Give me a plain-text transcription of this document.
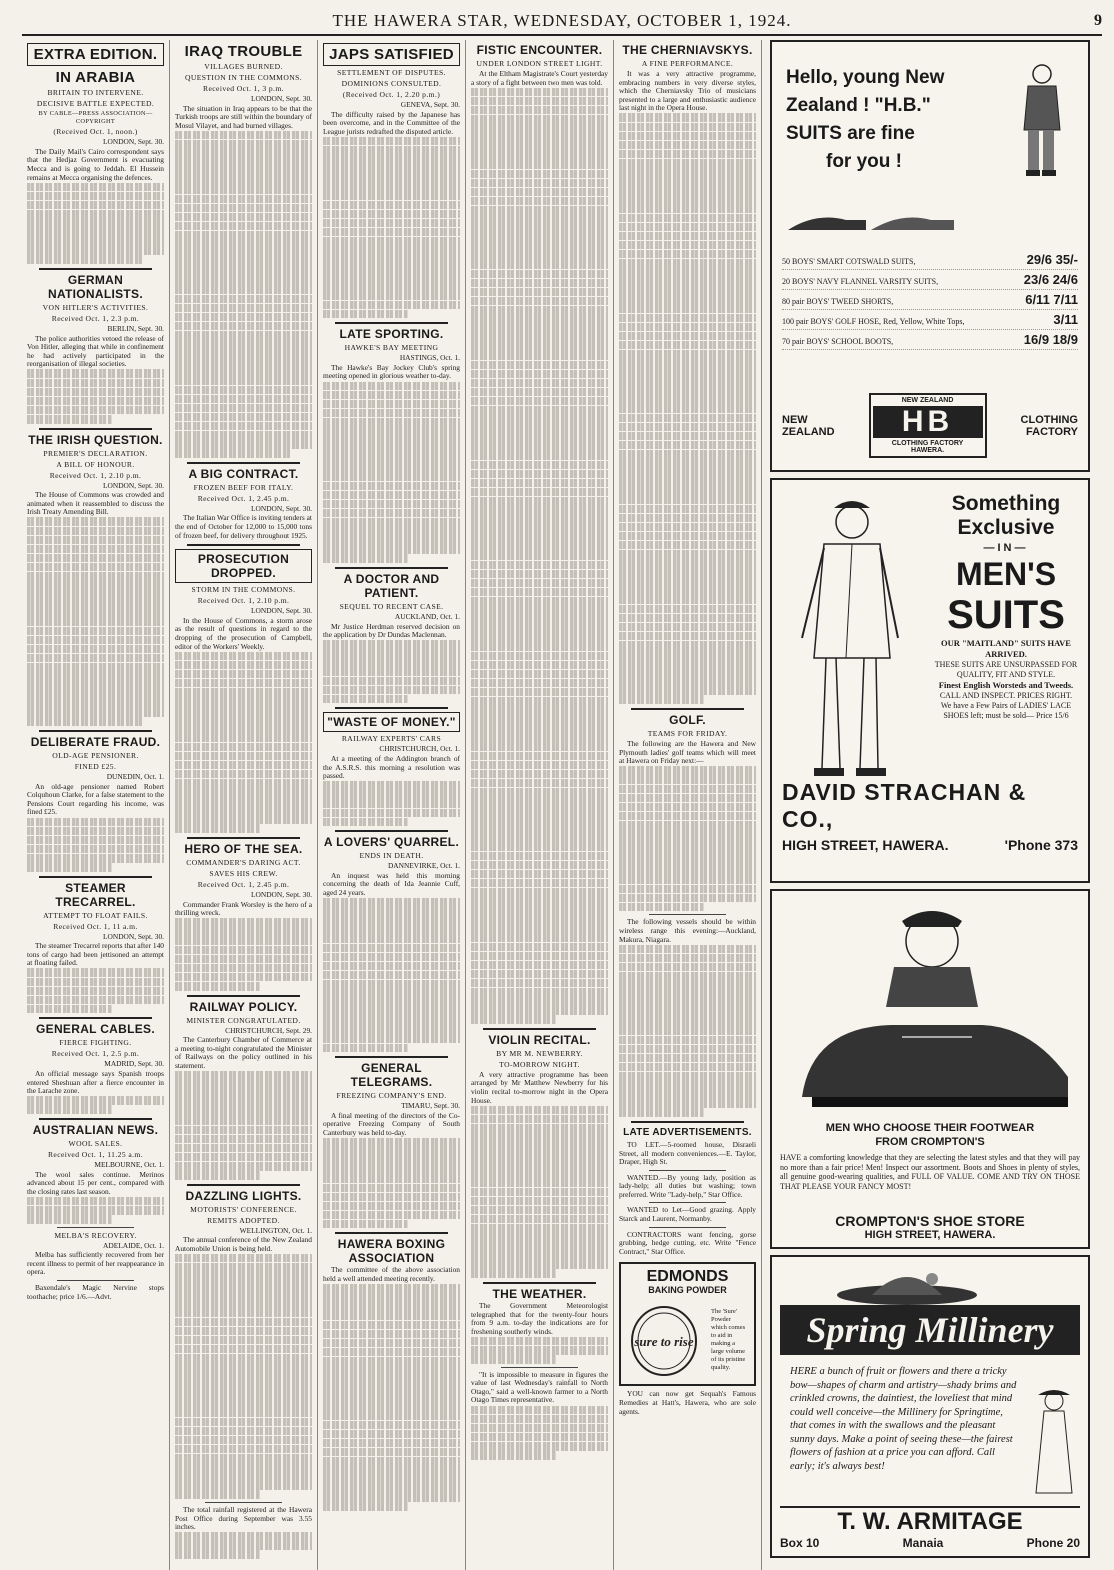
THE HAWERA STAR, WEDNESDAY, OCTOBER 1, 1924.	9
EXTRA EDITION.
IN ARABIA
BRITAIN TO INTERVENE.
DECISIVE BATTLE EXPECTED.
BY CABLE—PRESS ASSOCIATION—COPYRIGHT
(Received Oct. 1, noon.)
LONDON, Sept. 30.

The Daily Mail's Cairo correspondent says that the Hedjaz Government is evacuating Mecca and is going to Jeddah. El Hussein remains at Mecca organising the defences.

GERMAN NATIONALISTS.
VON HITLER'S ACTIVITIES.
Received Oct. 1, 2.3 p.m.
BERLIN, Sept. 30.

The police authorities vetoed the release of Von Hitler, alleging that while in confinement he had actively participated in the reorganisation of illegal societies.

THE IRISH QUESTION.
PREMIER'S DECLARATION.
A BILL OF HONOUR.
Received Oct. 1, 2.10 p.m.
LONDON, Sept. 30.

The House of Commons was crowded and animated when it reassembled to discuss the Irish Treaty Amending Bill.

DELIBERATE FRAUD.
OLD-AGE PENSIONER.
FINED £25.
DUNEDIN, Oct. 1.

An old-age pensioner named Robert Colquhoun Clarke, for a false statement to the Pensions Court regarding his income, was fined £25.

STEAMER TRECARREL.
ATTEMPT TO FLOAT FAILS.
Received Oct. 1, 11 a.m.
LONDON, Sept. 30.

The steamer Trecarrel reports that after 140 tons of cargo had been jettisoned an attempt at floating failed.

GENERAL CABLES.
FIERCE FIGHTING.
Received Oct. 1, 2.5 p.m.
MADRID, Sept. 30.

An official message says Spanish troops entered Sheshuan after a fierce encounter in the Larache zone.

AUSTRALIAN NEWS.
WOOL SALES.
Received Oct. 1, 11.25 a.m.
MELBOURNE, Oct. 1.

The wool sales continue. Merinos advanced about 15 per cent., compared with the closing rates last season.

MELBA'S RECOVERY.
ADELAIDE, Oct. 1.

Melba has sufficiently recovered from her recent illness to permit of her reappearance in opera.

Baxendale's Magic Nervine stops toothache; price 1/6.—Advt.

IRAQ TROUBLE
VILLAGES BURNED.
QUESTION IN THE COMMONS.
Received Oct. 1, 3 p.m.
LONDON, Sept. 30.

The situation in Iraq appears to be that the Turkish troops are still within the boundary of Mosul Vilayet, and had burned villages.

A BIG CONTRACT.
FROZEN BEEF FOR ITALY.
Received Oct. 1, 2.45 p.m.
LONDON, Sept. 30.

The Italian War Office is inviting tenders at the end of October for 12,000 to 15,000 tons of frozen beef, for delivery throughout 1925.

PROSECUTION DROPPED.
STORM IN THE COMMONS.
Received Oct. 1, 2.10 p.m.
LONDON, Sept. 30.

In the House of Commons, a storm arose as the result of questions in regard to the dropping of the prosecution of Campbell, editor of the Workers' Weekly.

HERO OF THE SEA.
COMMANDER'S DARING ACT.
SAVES HIS CREW.
Received Oct. 1, 2.45 p.m.
LONDON, Sept. 30.

Commander Frank Worsley is the hero of a thrilling wreck.

RAILWAY POLICY.
MINISTER CONGRATULATED.
CHRISTCHURCH, Sept. 29.

The Canterbury Chamber of Commerce at a meeting to-night congratulated the Minister of Railways on the policy outlined in his statement.

DAZZLING LIGHTS.
MOTORISTS' CONFERENCE.
REMITS ADOPTED.
WELLINGTON, Oct. 1.

The annual conference of the New Zealand Automobile Union is being held.

The total rainfall registered at the Hawera Post Office during September was 3.55 inches.

JAPS SATISFIED
SETTLEMENT OF DISPUTES.
DOMINIONS CONSULTED.
(Received Oct. 1, 2.20 p.m.)
GENEVA, Sept. 30.

The difficulty raised by the Japanese has been overcome, and in the Committee of the League jurists redrafted the disputed article.

LATE SPORTING.
HAWKE'S BAY MEETING
HASTINGS, Oct. 1.

The Hawke's Bay Jockey Club's spring meeting opened in glorious weather to-day.

A DOCTOR AND PATIENT.
SEQUEL TO RECENT CASE.
AUCKLAND, Oct. 1.

Mr Justice Herdman reserved decision on the application by Dr Dundas Maclennan.

"WASTE OF MONEY."
RAILWAY EXPERTS' CARS
CHRISTCHURCH, Oct. 1.

At a meeting of the Addington branch of the A.S.R.S. this morning a resolution was passed.

A LOVERS' QUARREL.
ENDS IN DEATH.
DANNEVIRKE, Oct. 1.

An inquest was held this morning concerning the death of Ida Jeannie Cuff, aged 24 years.

GENERAL TELEGRAMS.
FREEZING COMPANY'S END.
TIMARU, Sept. 30.

A final meeting of the directors of the Co-operative Freezing Company of South Canterbury was held to-day.

HAWERA BOXING ASSOCIATION

The committee of the above association held a well attended meeting recently.

FISTIC ENCOUNTER.
UNDER LONDON STREET LIGHT.

At the Eltham Magistrate's Court yesterday a story of a fight between two men was told.

VIOLIN RECITAL.
BY MR M. NEWBERRY.
TO-MORROW NIGHT.

A very attractive programme has been arranged by Mr Matthew Newberry for his violin recital to-morrow night in the Opera House.

THE WEATHER.

The Government Meteorologist telegraphed that for the twenty-four hours from 9 a.m. to-day the indications are for freshening southerly winds.

"It is impossible to measure in figures the value of last Wednesday's rainfall to North Otago," said a well-known farmer to a North Otago Times representative.

THE CHERNIAVSKYS.
A FINE PERFORMANCE.

It was a very attractive programme, embracing numbers in very diverse styles, which the Cherniavsky Trio of musicians presented to a large and enthusiastic audience last night in the Opera House.

GOLF.
TEAMS FOR FRIDAY.

The following are the Hawera and New Plymouth ladies' golf teams which will meet at Hawera on Friday next:—

The following vessels should be within wireless range this evening:—Auckland, Makura, Niagara.

LATE ADVERTISEMENTS.

TO LET.—5-roomed house, Disraeli Street, all modern conveniences.—E. Taylor, Draper, High St.

WANTED.—By young lady, position as lady-help; all duties but washing; town preferred. Write "Lady-help," Star Office.

WANTED to Let—Good grazing. Apply Starck and Laurent, Normanby.

CONTRACTORS want fencing, gorse grubbing, hedge cutting, etc. Write "Fence Contract," Star Office.

EDMONDS
BAKING POWDER
sure to rise
The 'Sure' Powder which comes to aid in making a large volume of its pristine quality.

YOU can now get Sequah's Famous Remedies at Hatt's, Hawera, who are sole agents.

Hello, young New
Zealand ! "H.B."
SUITS are fine
for you !
50 BOYS' SMART COTSWALD SUITS,	29/6 35/-
20 BOYS' NAVY FLANNEL VARSITY SUITS,	23/6 24/6
80 pair BOYS' TWEED SHORTS,	6/11 7/11
100 pair BOYS' GOLF HOSE, Red, Yellow, White Tops,	3/11
70 pair BOYS' SCHOOL BOOTS,	16/9 18/9
NEW
ZEALAND
NEW ZEALAND
HB
CLOTHING FACTORY
HAWERA.
CLOTHING
FACTORY
Something
Exclusive
—IN—
MEN'S
SUITS
OUR "MAITLAND" SUITS HAVE ARRIVED.
THESE SUITS ARE UNSURPASSED FOR QUALITY, FIT AND STYLE.
Finest English Worsteds and Tweeds.
CALL AND INSPECT. PRICES RIGHT.
We have a Few Pairs of LADIES' LACE SHOES left; must be sold— Price 15/6
DAVID STRACHAN & CO.,
HIGH STREET, HAWERA.	'Phone 373
MEN WHO CHOOSE THEIR FOOTWEAR
FROM CROMPTON'S
HAVE a comforting knowledge that they are selecting the latest styles and that they will pay no more than a fair price! Men! Inspect our assortment. Boots and Shoes in plenty of styles, all genuine good-wearing qualities, and FULL OF VALUE. COME AND TRY ON THOSE THAT PLEASE YOUR FANCY MOST!
CROMPTON'S SHOE STORE
HIGH STREET, HAWERA.
Spring Millinery
HERE a bunch of fruit or flowers and there a tricky bow—shapes of charm and artistry—shady brims and crinkled crowns, the daintiest, the loveliest that mind could well conceive—the Millinery for Springtime, that comes in with the swallows and the pleasant sunny days. Make a point of seeing these—the fairest flowers of fashion at a price you can afford. Call early; it's always best!
T. W. ARMITAGE
Box 10	Manaia	Phone 20
